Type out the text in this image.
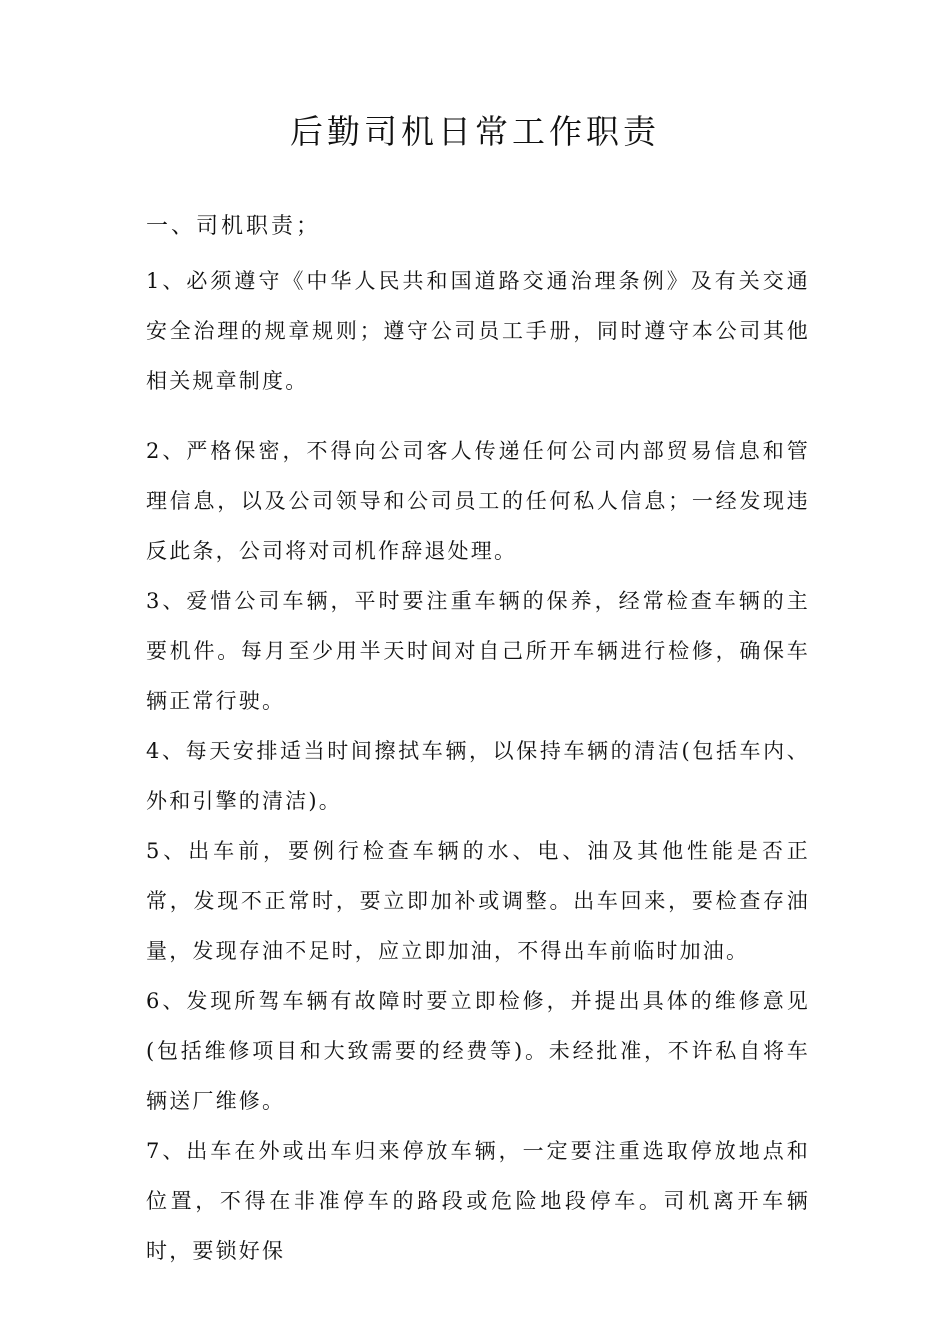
后勤司机日常工作职责

一、司机职责；

1、必须遵守《中华人民共和国道路交通治理条例》及有关交通安全治理的规章规则；遵守公司员工手册，同时遵守本公司其他相关规章制度。

2、严格保密，不得向公司客人传递任何公司内部贸易信息和管理信息，以及公司领导和公司员工的任何私人信息；一经发现违反此条，公司将对司机作辞退处理。

3、爱惜公司车辆，平时要注重车辆的保养，经常检查车辆的主要机件。每月至少用半天时间对自己所开车辆进行检修，确保车辆正常行驶。

4、每天安排适当时间擦拭车辆，以保持车辆的清洁(包括车内、外和引擎的清洁)。

5、出车前，要例行检查车辆的水、电、油及其他性能是否正常，发现不正常时，要立即加补或调整。出车回来，要检查存油量，发现存油不足时，应立即加油，不得出车前临时加油。

6、发现所驾车辆有故障时要立即检修，并提出具体的维修意见(包括维修项目和大致需要的经费等)。未经批准，不许私自将车辆送厂维修。

7、出车在外或出车归来停放车辆，一定要注重选取停放地点和位置，不得在非准停车的路段或危险地段停车。司机离开车辆时，要锁好保
